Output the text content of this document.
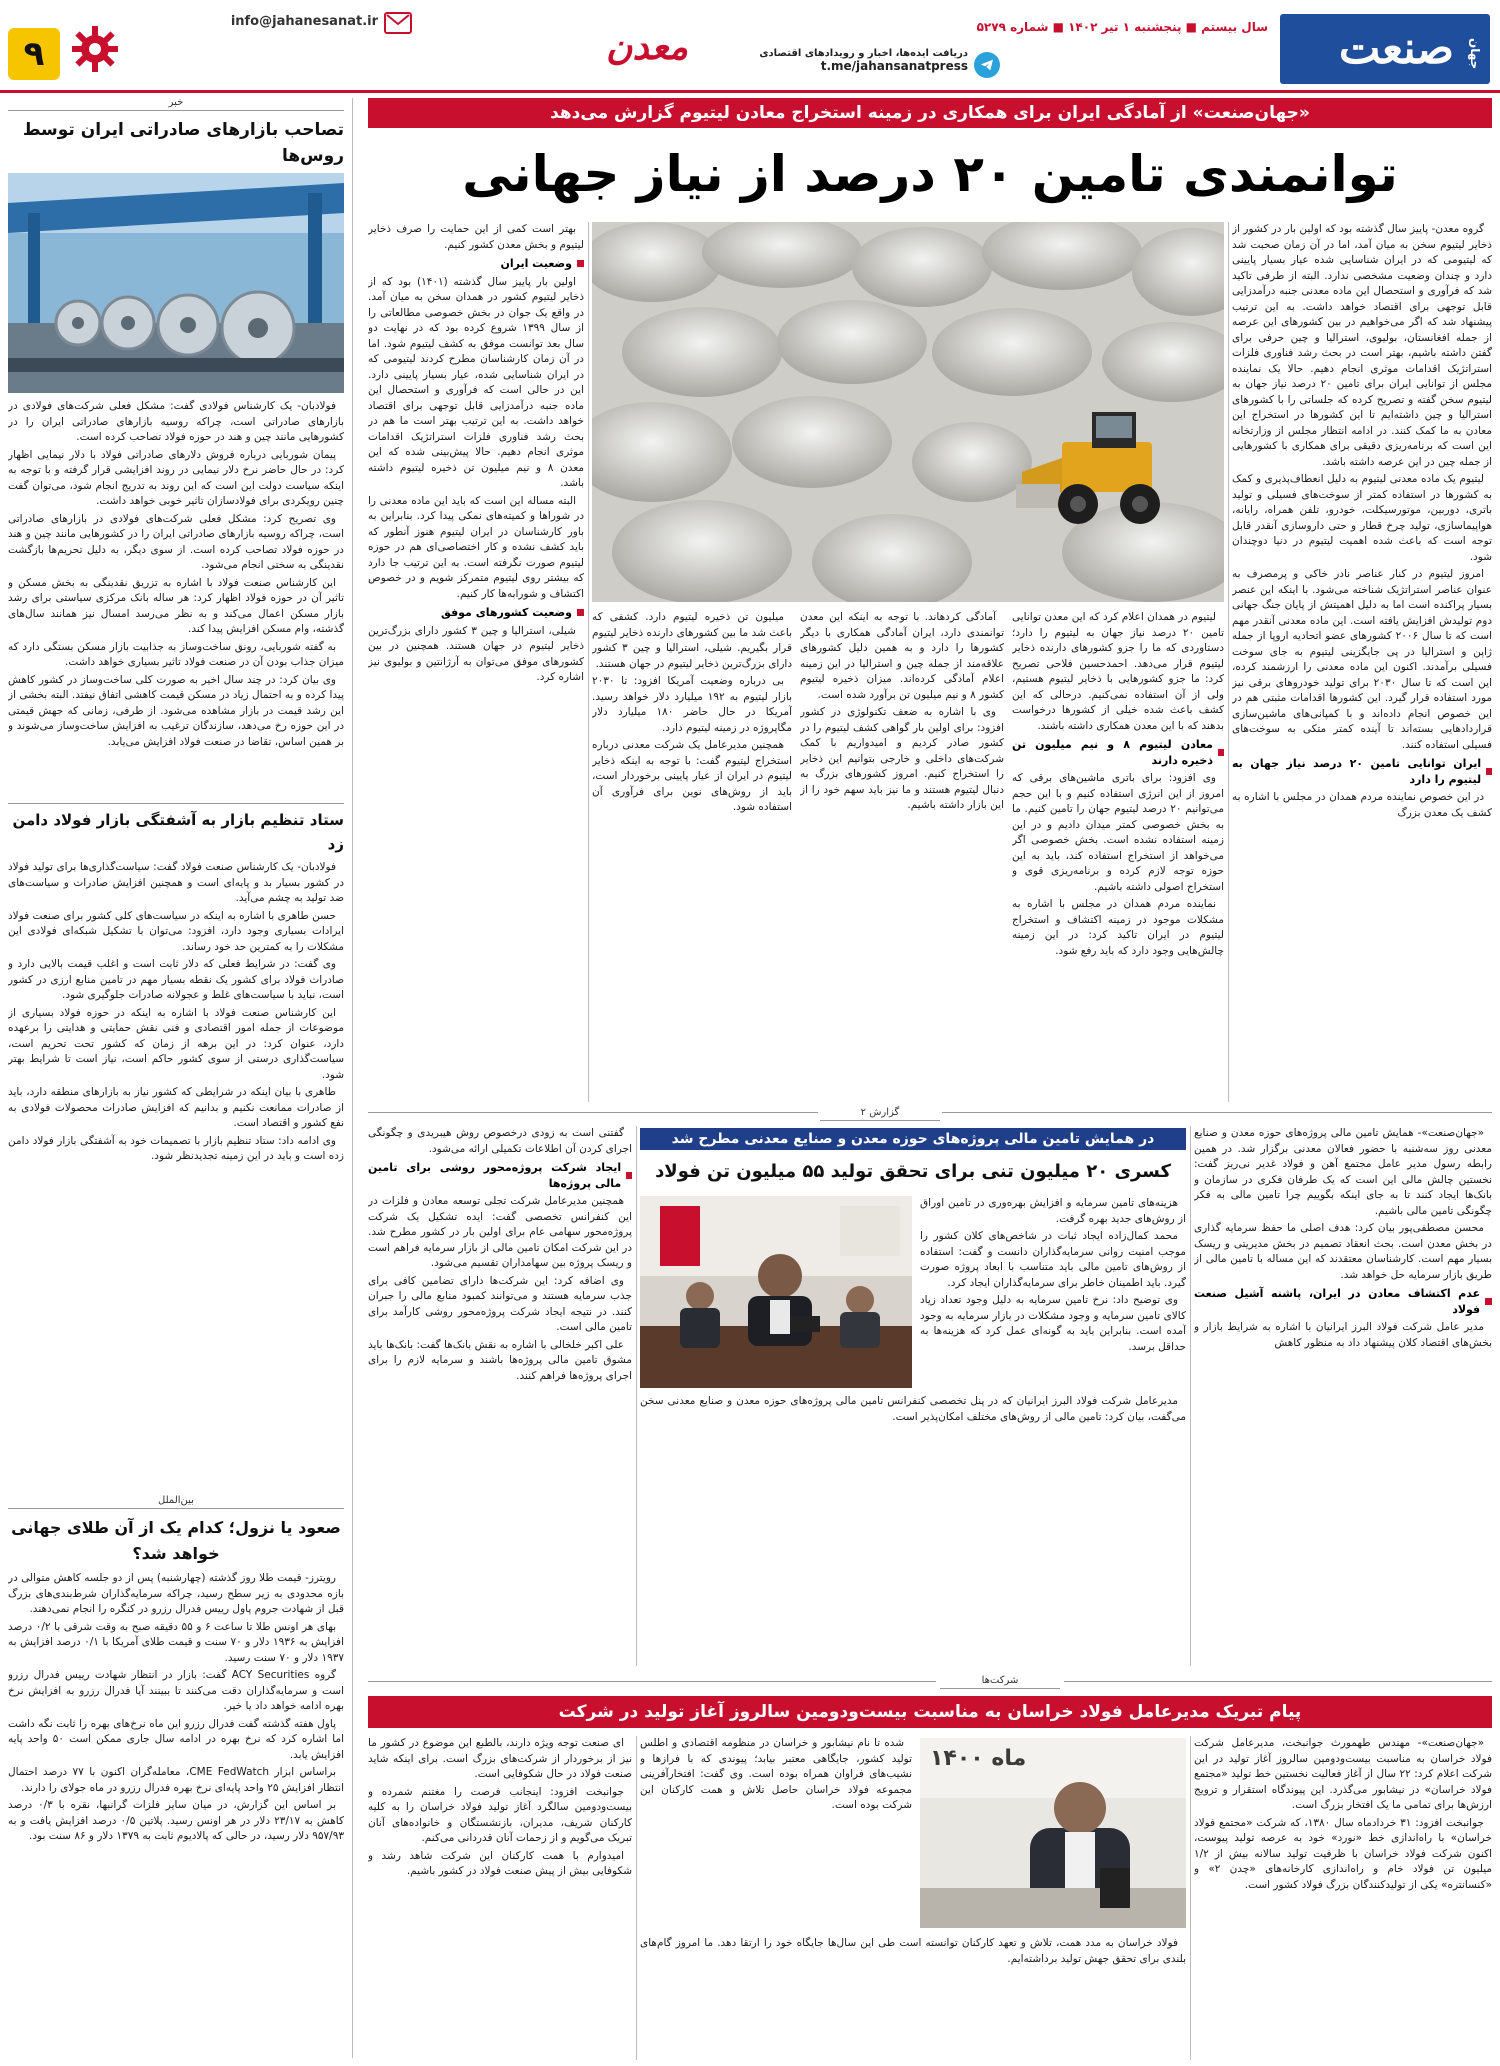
صنعت جهان
سال بیستم ■ پنجشنبه ۱ تیر ۱۴۰۲ ■ شماره ۵۲۷۹
دریافت ایده‌ها، اخبار و رویدادهای اقتصادی
t.me/jahansanatpress
معدن
info@jahanesanat.ir
۹
خبر
تصاحب بازارهای صادراتی ایران توسط روس‌ها

فولادبان- یک کارشناس فولادی گفت: مشکل فعلی شرکت‌های فولادی در بازارهای صادراتی است، چراکه روسیه بازارهای صادراتی ایران را در کشورهایی مانند چین و هند در حوزه فولاد تصاحب کرده است.

پیمان شوربایی درباره فروش دلارهای صادراتی فولاد با دلار نیمایی اظهار کرد: در حال حاضر نرخ دلار نیمایی در روند افزایشی قرار گرفته و با توجه به اینکه سیاست دولت این است که این روند به تدریج انجام شود، می‌توان گفت چنین رویکردی برای فولادسازان تاثیر خوبی خواهد داشت.

وی تصریح کرد: مشکل فعلی شرکت‌های فولادی در بازارهای صادراتی است، چراکه روسیه بازارهای صادراتی ایران را در کشورهایی مانند چین و هند در حوزه فولاد تصاحب کرده است. از سوی دیگر، به دلیل تحریم‌ها بازگشت نقدینگی به سختی انجام می‌شود.

این کارشناس صنعت فولاد با اشاره به تزریق نقدینگی به بخش مسکن و تاثیر آن در حوزه فولاد اظهار کرد: هر ساله بانک مرکزی سیاستی برای رشد بازار مسکن اعمال می‌کند و به نظر می‌رسد امسال نیز همانند سال‌های گذشته، وام مسکن افزایش پیدا کند.

به گفته شوربایی، رونق ساخت‌وساز به جذابیت بازار مسکن بستگی دارد که میزان جذاب بودن آن در صنعت فولاد تاثیر بسیاری خواهد داشت.

وی بیان کرد: در چند سال اخیر به صورت کلی ساخت‌وساز در کشور کاهش پیدا کرده و به احتمال زیاد در مسکن قیمت کاهشی اتفاق نیفتد. البته بخشی از این رشد قیمت در بازار مشاهده می‌شود. از طرفی، زمانی که جهش قیمتی در این حوزه رخ می‌دهد، سازندگان ترغیب به افزایش ساخت‌وساز می‌شوند و بر همین اساس، تقاضا در صنعت فولاد افزایش می‌یابد.

ستاد تنظیم بازار به آشفتگی بازار فولاد دامن زد

فولادبان- یک کارشناس صنعت فولاد گفت: سیاست‌گذاری‌ها برای تولید فولاد در کشور بسیار بد و پایه‌ای است و همچنین افزایش صادرات و سیاست‌های ضد تولید به چشم می‌آید.

حسن طاهری با اشاره به اینکه در سیاست‌های کلی کشور برای صنعت فولاد ایرادات بسیاری وجود دارد، افزود: می‌توان با تشکیل شبکه‌ای فولادی این مشکلات را به کمترین حد خود رساند.

وی گفت: در شرایط فعلی که دلار ثابت است و اغلب قیمت بالایی دارد و صادرات فولاد برای کشور یک نقطه بسیار مهم در تامین منابع ارزی در کشور است، نباید با سیاست‌های غلط و عجولانه صادرات جلوگیری شود.

این کارشناس صنعت فولاد با اشاره به اینکه در حوزه فولاد بسیاری از موضوعات از جمله امور اقتصادی و فنی نقش حمایتی و هدایتی را برعهده دارد، عنوان کرد: در این برهه از زمان که کشور تحت تحریم است، سیاست‌گذاری درستی از سوی کشور حاکم است، نیاز است تا شرایط بهتر شود.

طاهری با بیان اینکه در شرایطی که کشور نیاز به بازارهای منطقه دارد، باید از صادرات ممانعت نکنیم و بدانیم که افزایش صادرات محصولات فولادی به نفع کشور و اقتصاد است.

وی ادامه داد: ستاد تنظیم بازار با تصمیمات خود به آشفتگی بازار فولاد دامن زده است و باید در این زمینه تجدیدنظر شود.

بین‌الملل
صعود یا نزول؛ کدام یک از آن طلای جهانی خواهد شد؟

رویترز- قیمت طلا روز گذشته (چهارشنبه) پس از دو جلسه کاهش متوالی در بازه محدودی به زیر سطح رسید، چراکه سرمایه‌گذاران شرط‌بندی‌های بزرگ قبل از شهادت جروم پاول رییس فدرال رزرو در کنگره را انجام نمی‌دهند.

بهای هر اونس طلا تا ساعت ۶ و ۵۵ دقیقه صبح به وقت شرقی با ۰/۲ درصد افزایش به ۱۹۳۶ دلار و ۷۰ سنت و قیمت طلای آمریکا با ۰/۱ درصد افزایش به ۱۹۳۷ دلار و ۷۰ سنت رسید.

گروه ACY Securities گفت: بازار در انتظار شهادت رییس فدرال رزرو است و سرمایه‌گذاران دقت می‌کنند تا ببینند آیا فدرال رزرو به افزایش نرخ بهره ادامه خواهد داد یا خیر.

پاول هفته گذشته گفت فدرال رزرو این ماه نرخ‌های بهره را ثابت نگه داشت اما اشاره کرد که نرخ بهره در ادامه سال جاری ممکن است ۵۰ واحد پایه افزایش یابد.

براساس ابزار CME FedWatch، معامله‌گران اکنون با ۷۷ درصد احتمال انتظار افزایش ۲۵ واحد پایه‌ای نرخ بهره فدرال رزرو در ماه جولای را دارند.

بر اساس این گزارش، در میان سایر فلزات گرانبها، نقره با ۰/۳ درصد کاهش به ۲۳/۱۷ دلار در هر اونس رسید. پلاتین ۰/۵ درصد افزایش یافت و به ۹۵۷/۹۳ دلار رسید، در حالی که پالادیوم ثابت به ۱۳۷۹ دلار و ۸۶ سنت بود.

«جهان‌صنعت» از آمادگی ایران برای همکاری در زمینه استخراج معادن لیتیوم گزارش می‌دهد
توانمندی تامین ۲۰ درصد از نیاز جهانی

گروه معدن- پاییز سال گذشته بود که اولین بار در کشور از ذخایر لیتیوم سخن به میان آمد، اما در آن زمان صحبت شد که لیتیومی که در ایران شناسایی شده عیار بسیار پایینی دارد و چندان وضعیت مشخصی ندارد. البته از طرفی تاکید شد که فرآوری و استحصال این ماده معدنی جنبه درآمدزایی قابل توجهی برای اقتصاد خواهد داشت. به این ترتیب پیشنهاد شد که اگر می‌خواهیم در بین کشورهای این عرصه از جمله افغانستان، بولیوی، استرالیا و چین حرفی برای گفتن داشته باشیم، بهتر است در بحث رشد فناوری فلزات استراتژیک اقدامات موثری انجام دهیم. حالا یک نماینده مجلس از توانایی ایران برای تامین ۲۰ درصد نیاز جهان به لیتیوم سخن گفته و تصریح کرده که جلساتی را با کشورهای استرالیا و چین داشته‌ایم تا این کشورها در استخراج این معادن به ما کمک کنند. در ادامه انتظار مجلس از وزارتخانه این است که برنامه‌ریزی دقیقی برای همکاری با کشورهایی از جمله چین در این عرصه داشته باشد.

لیتیوم یک ماده معدنی لیتیوم به دلیل انعطاف‌پذیری و کمک به کشورها در استفاده کمتر از سوخت‌های فسیلی و تولید باتری، دوربین، موتورسیکلت، خودرو، تلفن همراه، رایانه، هواپیماسازی، تولید چرخ قطار و حتی داروسازی آنقدر قابل توجه است که باعث شده اهمیت لیتیوم در دنیا دوچندان شود.

امروز لیتیوم در کنار عناصر نادر خاکی و پرمصرف به عنوان عناصر استراتژیک شناخته می‌شود. با اینکه این عنصر بسیار پراکنده است اما به دلیل اهمیتش از پایان جنگ جهانی دوم تولیدش افزایش یافته است. این ماده معدنی آنقدر مهم است که تا سال ۲۰۰۶ کشورهای عضو اتحادیه اروپا از جمله ژاپن و استرالیا در پی جایگزینی لیتیوم به جای سوخت فسیلی برآمدند. اکنون این ماده معدنی را ارزشمند کرده، این است که تا سال ۲۰۳۰ برای تولید خودروهای برقی نیز مورد استفاده قرار گیرد. این کشورها اقدامات مثبتی هم در این خصوص انجام داده‌اند و با کمپانی‌های ماشین‌سازی قراردادهایی بسته‌اند تا آینده کمتر متکی به سوخت‌های فسیلی استفاده کنند.

ایران توانایی تامین ۲۰ درصد نیاز جهان به لیتیوم را دارد

در این خصوص نماینده مردم همدان در مجلس با اشاره به کشف یک معدن بزرگ

لیتیوم در همدان اعلام کرد که این معدن توانایی تامین ۲۰ درصد نیاز جهان به لیتیوم را دارد؛ دستاوردی که ما را جزو کشورهای دارنده ذخایر لیتیوم قرار می‌دهد. احمدحسین فلاحی تصریح کرد: ما جزو کشورهایی با ذخایر لیتیوم هستیم، ولی از آن استفاده نمی‌کنیم. درحالی که این کشف باعث شده خیلی از کشورها درخواست بدهند که با این معدن همکاری داشته باشند.

معادن لیتیوم ۸ و نیم میلیون تن ذخیره دارند

وی افزود: برای باتری ماشین‌های برقی که امروز از این انرژی استفاده کنیم و با این حجم می‌توانیم ۲۰ درصد لیتیوم جهان را تامین کنیم. ما به بخش خصوصی کمتر میدان دادیم و در این زمینه استفاده نشده است. بخش خصوصی اگر می‌خواهد از استخراج استفاده کند، باید به این حوزه توجه لازم کرده و برنامه‌ریزی قوی و استخراج اصولی داشته باشیم.

نماینده مردم همدان در مجلس با اشاره به مشکلات موجود در زمینه اکتشاف و استخراج لیتیوم در ایران تاکید کرد: در این زمینه چالش‌هایی وجود دارد که باید رفع شود.

آمادگی کردهاند. با توجه به اینکه این معدن توانمندی دارد، ایران آمادگی همکاری با دیگر کشورها را دارد و به همین دلیل کشورهای علاقه‌مند از جمله چین و استرالیا در این زمینه اعلام آمادگی کرده‌اند. میزان ذخیره لیتیوم کشور ۸ و نیم میلیون تن برآورد شده است.

وی با اشاره به ضعف تکنولوژی در کشور افزود: برای اولین بار گواهی کشف لیتیوم را در کشور صادر کردیم و امیدواریم با کمک شرکت‌های داخلی و خارجی بتوانیم این ذخایر را استخراج کنیم. امروز کشورهای بزرگ به دنبال لیتیوم هستند و ما نیز باید سهم خود را از این بازار داشته باشیم.

میلیون تن ذخیره لیتیوم دارد. کشفی که باعث شد ما بین کشورهای دارنده ذخایر لیتیوم قرار بگیریم. شیلی، استرالیا و چین ۳ کشور دارای بزرگ‌ترین ذخایر لیتیوم در جهان هستند.

بی درباره وضعیت آمریکا افزود: تا ۲۰۳۰ بازار لیتیوم به ۱۹۲ میلیارد دلار خواهد رسید. آمریکا در حال حاضر ۱۸۰ میلیارد دلار مگاپروژه در زمینه لیتیوم دارد.

همچنین مدیرعامل یک شرکت معدنی درباره استخراج لیتیوم گفت: با توجه به اینکه ذخایر لیتیوم در ایران از عیار پایینی برخوردار است، باید از روش‌های نوین برای فرآوری آن استفاده شود.

بهتر است کمی از این حمایت را صرف ذخایر لیتیوم و بخش معدن کشور کنیم.

وضعیت ایران

اولین بار پاییز سال گذشته (۱۴۰۱) بود که از ذخایر لیتیوم کشور در همدان سخن به میان آمد. در واقع یک جوان در بخش خصوصی مطالعاتی را از سال ۱۳۹۹ شروع کرده بود که در نهایت دو سال بعد توانست موفق به کشف لیتیوم شود. اما در آن زمان کارشناسان مطرح کردند لیتیومی که در ایران شناسایی شده، عیار بسیار پایینی دارد. این در حالی است که فرآوری و استحصال این ماده جنبه درآمدزایی قابل توجهی برای اقتصاد خواهد داشت. به این ترتیب بهتر است ما هم در بحث رشد فناوری فلزات استراتژیک اقدامات موثری انجام دهیم. حالا پیش‌بینی شده که این معدن ۸ و نیم میلیون تن ذخیره لیتیوم داشته باشد.

البته مساله این است که باید این ماده معدنی را در شوراها و کمیته‌های نمکی پیدا کرد. بنابراین به باور کارشناسان در ایران لیتیوم هنوز آنطور که باید کشف نشده و کار اختصاصی‌ای هم در حوزه لیتیوم صورت نگرفته است. به این ترتیب جا دارد که بیشتر روی لیتیوم متمرکز شویم و در خصوص اکتشاف و شورابه‌ها کار کنیم.

وضعیت کشورهای موفق

شیلی، استرالیا و چین ۳ کشور دارای بزرگ‌ترین ذخایر لیتیوم در جهان هستند. همچنین در بین کشورهای موفق می‌توان به آرژانتین و بولیوی نیز اشاره کرد.

گزارش ۲
در همایش تامین مالی پروژه‌های حوزه معدن و صنایع معدنی مطرح شد
کسری ۲۰ میلیون تنی برای تحقق تولید ۵۵ میلیون تن فولاد

«جهان‌صنعت»- همایش تامین مالی پروژه‌های حوزه معدن و صنایع معدنی روز سه‌شنبه با حضور فعالان معدنی برگزار شد. در همین رابطه رسول مدیر عامل مجتمع آهن و فولاد غدیر نی‌ریز گفت: نخستین چالش مالی این است که یک طرفان فکری در سازمان و بانک‌ها ایجاد کنند تا به جای اینکه بگوییم چرا تامین مالی به فکر چگونگی تامین مالی باشیم.

محسن مصطفی‌پور بیان کرد: هدف اصلی ما حفظ سرمایه گذاری در بخش معدن است. بحث انعقاد تصمیم در بخش مدیریتی و ریسک بسیار مهم است. کارشناسان معتقدند که این مساله با تامین مالی از طریق بازار سرمایه حل خواهد شد.

عدم اکتشاف معادن در ایران، پاشنه آشیل صنعت فولاد

مدیر عامل شرکت فولاد البرز ایرانیان با اشاره به شرایط بازار و بخش‌های اقتصاد کلان پیشنهاد داد به منظور کاهش

هزینه‌های تامین سرمایه و افزایش بهره‌وری در تامین اوراق از روش‌های جدید بهره گرفت.

محمد کمال‌زاده ایجاد ثبات در شاخص‌های کلان کشور را موجب امنیت روانی سرمایه‌گذاران دانست و گفت: استفاده از روش‌های تامین مالی باید متناسب با ابعاد پروژه صورت گیرد. باید اطمینان خاطر برای سرمایه‌گذاران ایجاد کرد.

وی توضیح داد: نرخ تامین سرمایه به دلیل وجود تعداد زیاد کالای تامین سرمایه و وجود مشکلات در بازار سرمایه به وجود آمده است. بنابراین باید به گونه‌ای عمل کرد که هزینه‌ها به حداقل برسد.

مدیرعامل شرکت فولاد البرز ایرانیان که در پنل تخصصی کنفرانس تامین مالی پروژه‌های حوزه معدن و صنایع معدنی سخن می‌گفت، بیان کرد: تامین مالی از روش‌های مختلف امکان‌پذیر است.

گفتنی است به زودی درخصوص روش هیبریدی و چگونگی اجرای کردن آن اطلاعات تکمیلی ارائه می‌شود.

ایجاد شرکت پروژه‌محور روشی برای تامین مالی پروژه‌ها

همچنین مدیرعامل شرکت تجلی توسعه معادن و فلزات در این کنفرانس تخصصی گفت: ایده تشکیل یک شرکت پروژه‌محور سهامی عام برای اولین بار در کشور مطرح شد. در این شرکت امکان تامین مالی از بازار سرمایه فراهم است و ریسک پروژه بین سهامداران تقسیم می‌شود.

وی اضافه کرد: این شرکت‌ها دارای تضامین کافی برای جذب سرمایه هستند و می‌توانند کمبود منابع مالی را جبران کنند. در نتیجه ایجاد شرکت پروژه‌محور روشی کارآمد برای تامین مالی است.

علی اکبر خلخالی با اشاره به نقش بانک‌ها گفت: بانک‌ها باید مشوق تامین مالی پروژه‌ها باشند و سرمایه لازم را برای اجرای پروژه‌ها فراهم کنند.

شرکت‌ها
پیام تبریک مدیرعامل فولاد خراسان به مناسبت بیست‌ودومین سالروز آغاز تولید در شرکت

«جهان‌صنعت»- مهندس طهمورث جوانبخت، مدیرعامل شرکت فولاد خراسان به مناسبت بیست‌ودومین سالروز آغاز تولید در این شرکت اعلام کرد: ۲۲ سال از آغاز فعالیت نخستین خط تولید «مجتمع فولاد خراسان» در نیشابور می‌گذرد. این پیوندگاه استقرار و ترویج ارزش‌ها برای تمامی ما یک افتخار بزرگ است.

جوانبخت افزود: ۳۱ خردادماه سال ۱۳۸۰، که شرکت «مجتمع فولاد خراسان» با راه‌اندازی خط «نورد» خود به عرصه تولید پیوست، اکنون شرکت فولاد خراسان با ظرفیت تولید سالانه بیش از ۱/۲ میلیون تن فولاد خام و راه‌اندازی کارخانه‌های «چدن ۲» و «کنسانتره» یکی از تولیدکنندگان بزرگ فولاد کشور است.

ماه ۱۴۰۰

شده تا نام نیشابور و خراسان در منظومه اقتصادی و اطلس تولید کشور، جایگاهی معتبر بیابد؛ پیوندی که با فرازها و نشیب‌های فراوان همراه بوده است. وی گفت: افتخارآفرینی مجموعه فولاد خراسان حاصل تلاش و همت کارکنان این شرکت بوده است.

فولاد خراسان به مدد همت، تلاش و تعهد کارکنان توانسته است طی این سال‌ها جایگاه خود را ارتقا دهد. ما امروز گام‌های بلندی برای تحقق جهش تولید برداشته‌ایم.

ای صنعت توجه ویژه دارند، بالطبع این موضوع در کشور ما نیز از برخوردار از شرکت‌های بزرگ است. برای اینکه شاید صنعت فولاد در حال شکوفایی است.

جوانبخت افزود: اینجانب فرصت را مغتنم شمرده و بیست‌ودومین سالگرد آغاز تولید فولاد خراسان را به کلیه کارکنان شریف، مدیران، بازنشستگان و خانواده‌های آنان تبریک می‌گویم و از زحمات آنان قدردانی می‌کنم.

امیدوارم با همت کارکنان این شرکت شاهد رشد و شکوفایی بیش از پیش صنعت فولاد در کشور باشیم.
